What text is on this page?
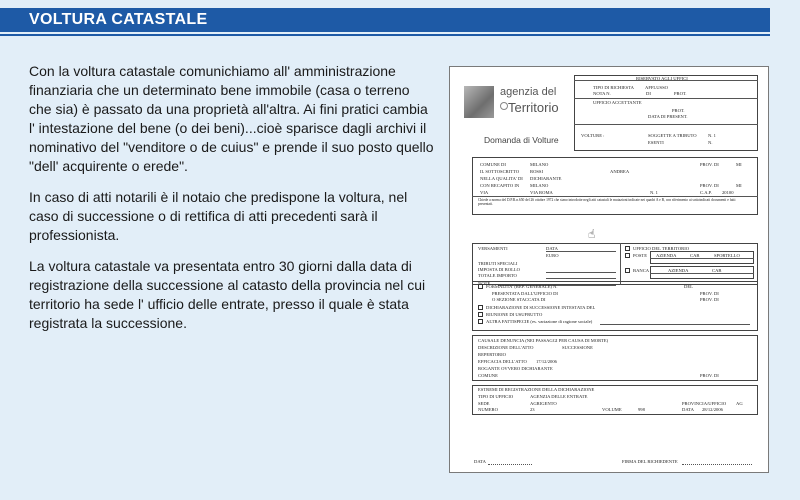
VOLTURA CATASTALE

Con la voltura catastale comunichiamo all' amministrazione finanziaria che un determinato bene immobile (casa o terreno che sia) è passato da una proprietà all'altra. Ai fini pratici cambia l' intestazione del bene (o dei beni)...cioè sparisce dagli archivi il nominativo del "venditore o de cuius" e prende il suo posto quello "dell' acquirente o erede".

In caso di atti notarili è il notaio che predispone la voltura, nel caso di successione o di rettifica di atti precedenti sarà il professionista.

La voltura catastale va presentata entro 30 giorni dalla data di registrazione della successione al catasto della provincia nel cui territorio ha sede l' ufficio delle entrate, presso il quale è stata registrata la successione.

agenzia del
Territorio
Domanda di Volture
RISERVATO AGLI UFFICI
TIPO DI RICHIESTA AFFLUSSO
NOTA N.	DI	PROT.
UFFICIO ACCETTANTE
PROT.
DATA DI PRESENT.
VOLTURE :	SOGGETTE A TRIBUTO N. 1
ESENTI	N.
COMUNE DI	MILANO	PROV. DI	MI
IL SOTTOSCRITTO ROSSI	ANDREA
NELLA QUALITA' DI DICHIARANTE
CON RECAPITO IN MILANO	PROV. DI	MI
VIA	VIA ROMA	N. 1	C.A.P. 20100
Chiede a norma del D.P.R.n.650 del 26 ottobre 1972 che siano introdotte negli atti catastali le mutazioni indicate nei quadri A e B, con riferimento ai sottoindicati documenti e fatti presentati.
VERSAMENTI	DATA
EURO
TRIBUTI SPECIALI
IMPOSTA DI BOLLO
TOTALE IMPORTO
NOTE
UFFICIO DEL TERRITORIO
POSTE AZIENDA	CAB	SPORTELLO
BANCA	AZIENDA	CAB
☝
FORMALITA' (REP. GENERALE) N.	DEL
PRESENTATA DALL'UFFICIO DI	PROV. DI
O SEZIONE STACCATA DI	PROV. DI
DICHIARAZIONE DI SUCCESSIONE INTESTATA DEL
RIUNIONE DI USUFRUTTO
ALTRA FATTISPECIE (es. variazione di ragione sociale)
CAUSALE DENUNCIA (NEI PASSAGGI PER CAUSA DI MORTE)
DESCRIZIONE DELL'ATTO	SUCCESSIONE
REPERTORIO
EFFICACIA DELL'ATTO 17/12/2006
ROGANTE OVVERO DICHIARANTE
COMUNE	PROV. DI
ESTREMI DI REGISTRAZIONE DELLA DICHIARAZIONE
TIPO DI UFFICIO	AGENZIA DELLE ENTRATE
SEDE	AGRIGENTO	PROVINCIA/UFFICIO AG
NUMERO	23	VOLUME	998	DATA 28/12/2006
DATA	FIRMA DEL RICHIEDENTE
